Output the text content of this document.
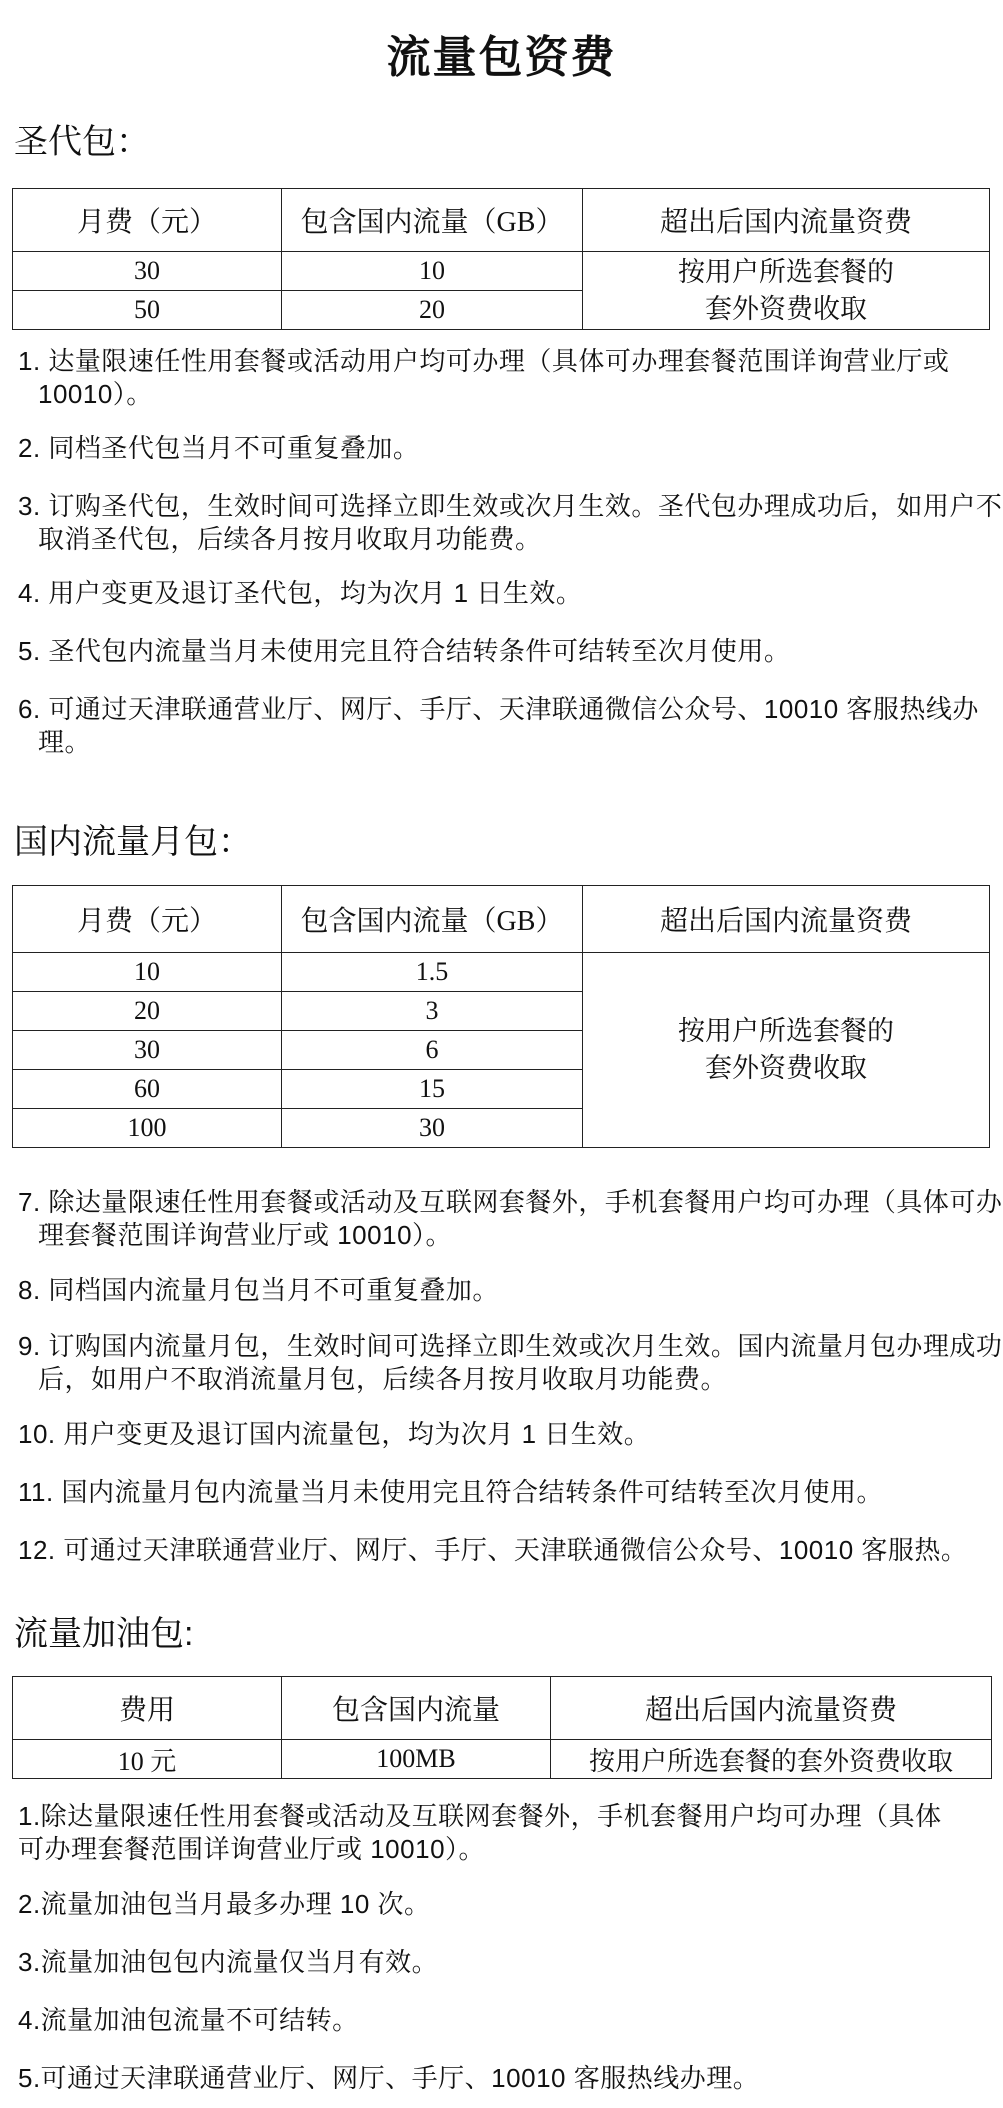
流量包资费
圣代包：
月费（元）	包含国内流量（GB）	超出后国内流量资费
30	10	按用户所选套餐的
套外资费收取

50	20	
1. 达量限速任性用套餐或活动用户均可办理（具体可办理套餐范围详询营业厅或 10010）。
2. 同档圣代包当月不可重复叠加。
3. 订购圣代包，生效时间可选择立即生效或次月生效。圣代包办理成功后，如用户不取消圣代包，后续各月按月收取月功能费。
4. 用户变更及退订圣代包，均为次月 1 日生效。
5. 圣代包内流量当月未使用完且符合结转条件可结转至次月使用。
6. 可通过天津联通营业厅、网厅、手厅、天津联通微信公众号、10010 客服热线办理。
国内流量月包：
月费（元）	包含国内流量（GB）	超出后国内流量资费
10	1.5	按用户所选套餐的
套外资费收取

20	3	
30	6	
60	15	
100	30	
7. 除达量限速任性用套餐或活动及互联网套餐外，手机套餐用户均可办理（具体可办理套餐范围详询营业厅或 10010）。
8. 同档国内流量月包当月不可重复叠加。
9. 订购国内流量月包，生效时间可选择立即生效或次月生效。国内流量月包办理成功后，如用户不取消流量月包，后续各月按月收取月功能费。
10. 用户变更及退订国内流量包，均为次月 1 日生效。
11. 国内流量月包内流量当月未使用完且符合结转条件可结转至次月使用。
12. 可通过天津联通营业厅、网厅、手厅、天津联通微信公众号、10010 客服热。
流量加油包:
费用	包含国内流量	超出后国内流量资费
10 元	100MB	按用户所选套餐的套外资费收取
1.除达量限速任性用套餐或活动及互联网套餐外，手机套餐用户均可办理（具体可办理套餐范围详询营业厅或 10010）。
2.流量加油包当月最多办理 10 次。
3.流量加油包包内流量仅当月有效。
4.流量加油包流量不可结转。
5.可通过天津联通营业厅、网厅、手厅、10010 客服热线办理。
